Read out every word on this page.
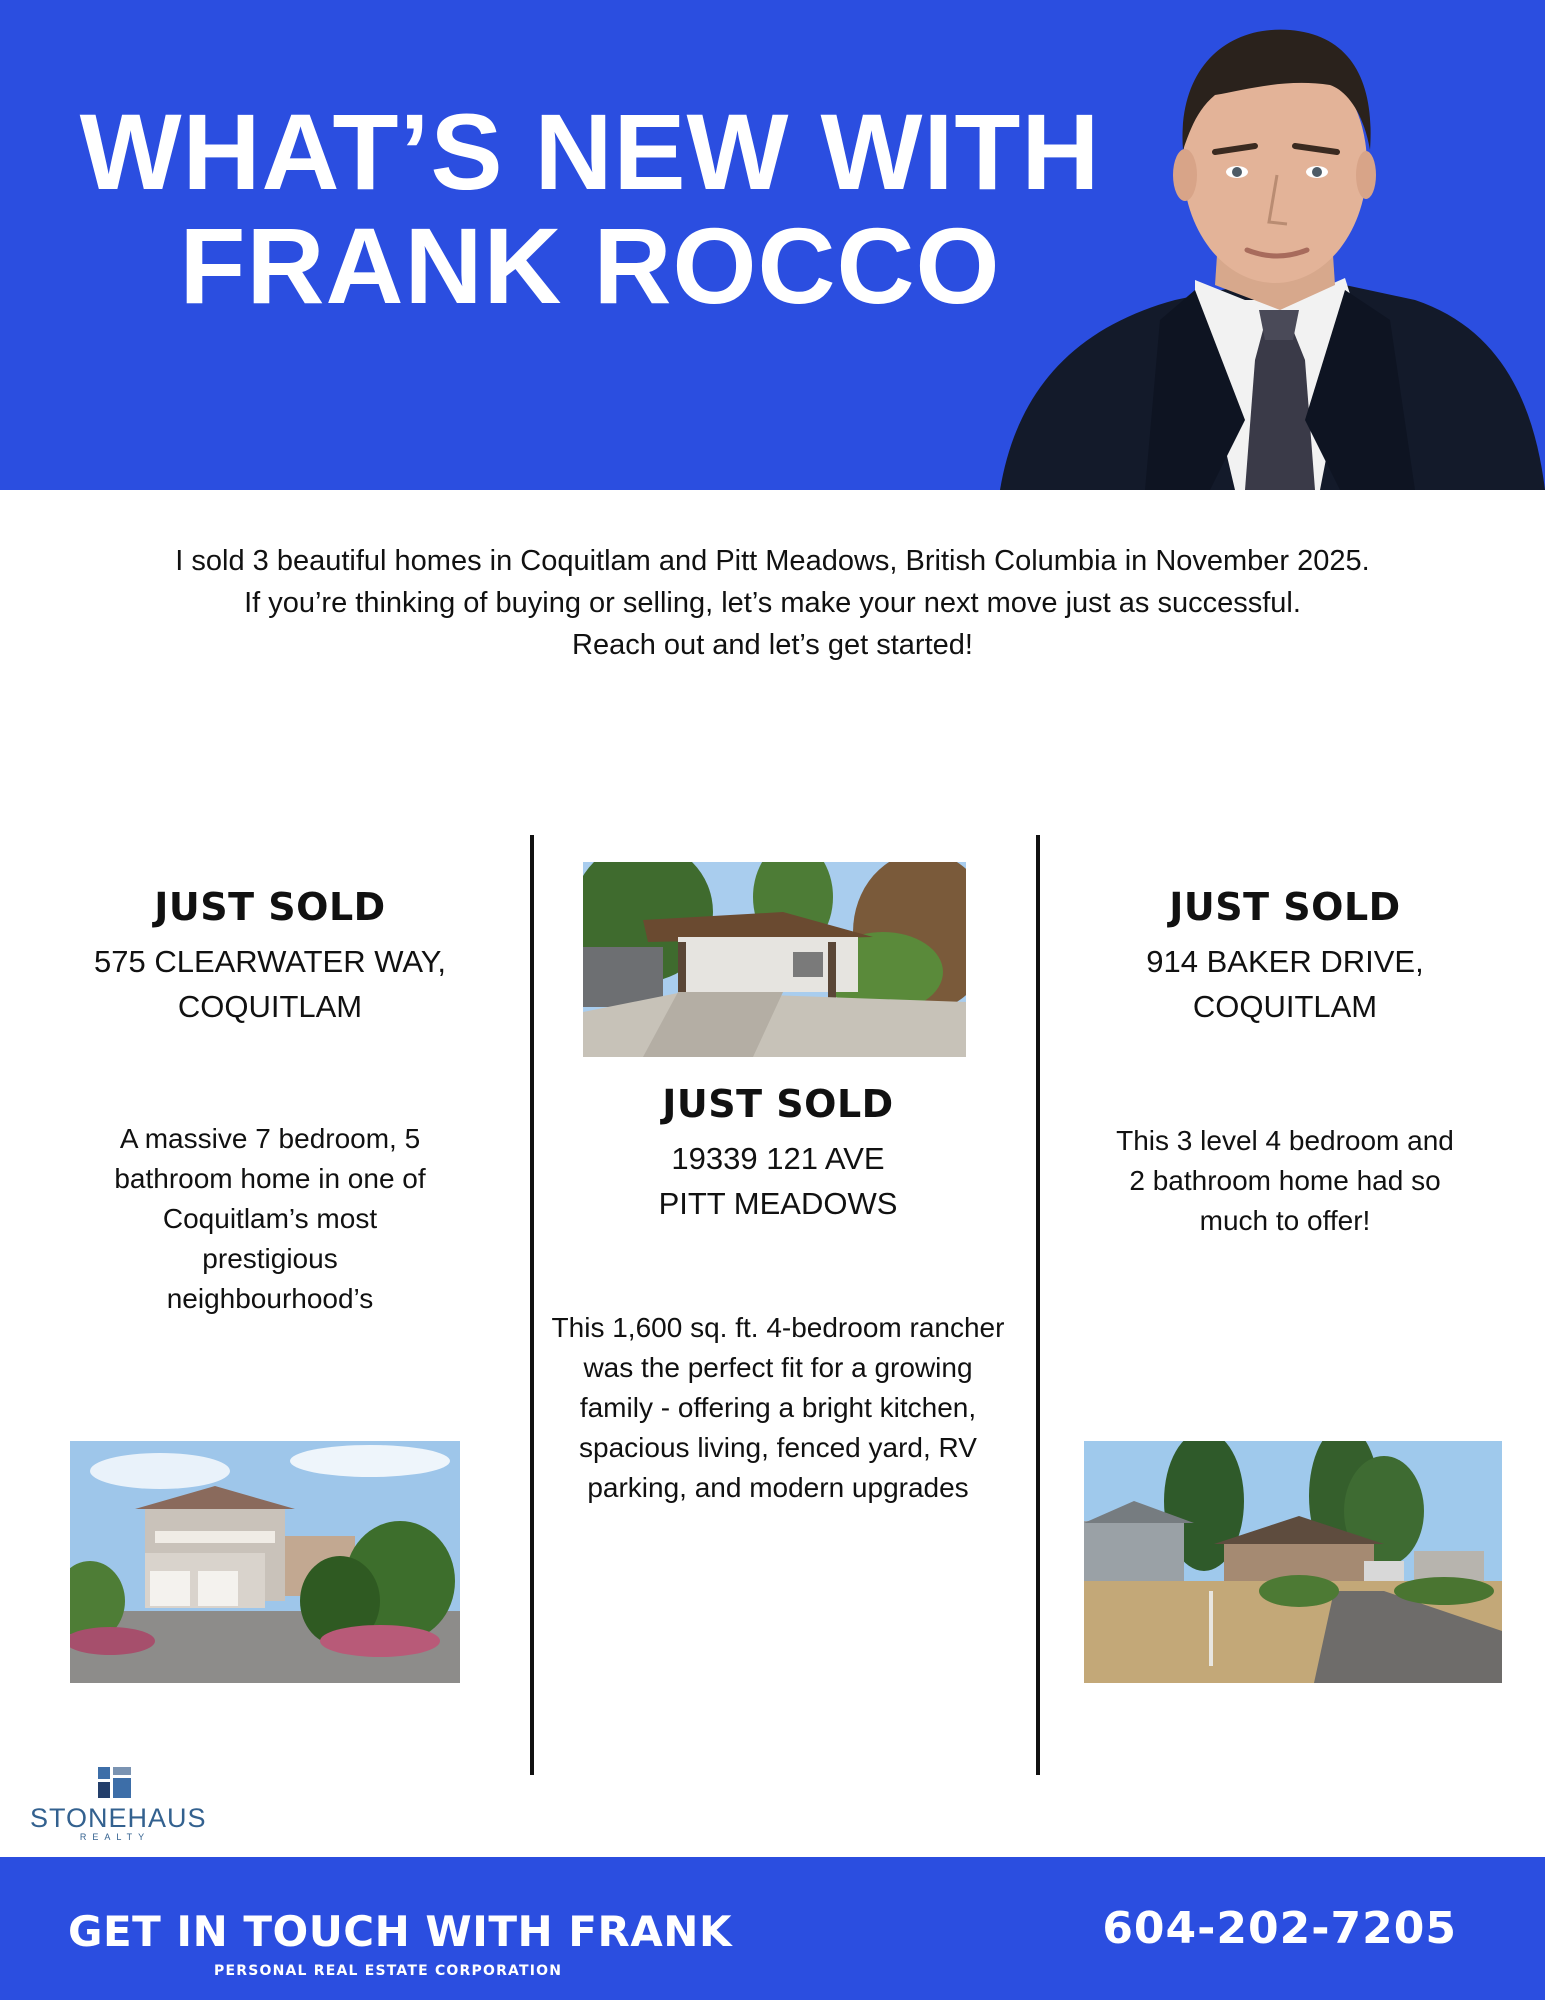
WHAT’S NEW WITH
FRANK ROCCO

I sold 3 beautiful homes in Coquitlam and Pitt Meadows, British Columbia in November 2025.

If you’re thinking of buying or selling, let’s make your next move just as successful.

Reach out and let’s get started!

JUST SOLD
575 CLEARWATER WAY,
COQUITLAM
A massive 7 bedroom, 5
bathroom home in one of
Coquitlam’s most
prestigious
neighbourhood’s
JUST SOLD
19339 121 AVE
PITT MEADOWS
This 1,600 sq. ft. 4-bedroom rancher
was the perfect fit for a growing
family - offering a bright kitchen,
spacious living, fenced yard, RV
parking, and modern upgrades
JUST SOLD
914 BAKER DRIVE,
COQUITLAM
This 3 level 4 bedroom and
2 bathroom home had so
much to offer!
STONEHAUS
REALTY
GET IN TOUCH WITH FRANK
PERSONAL REAL ESTATE CORPORATION
604-202-7205
